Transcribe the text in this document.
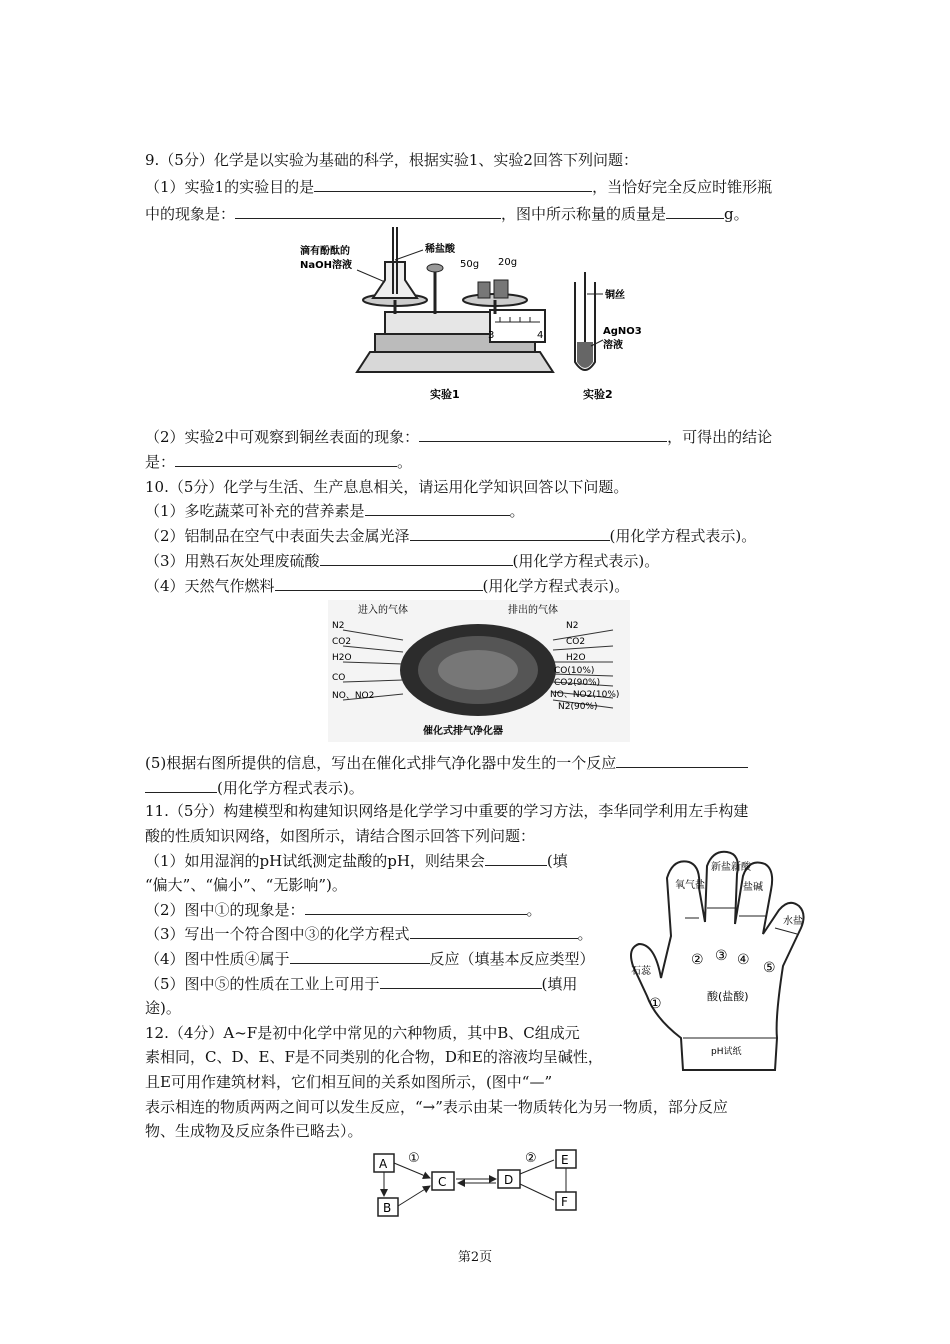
9.（5分）化学是以实验为基础的科学，根据实验1、实验2回答下列问题：
（1）实验1的实验目的是	，当恰好完全反应时锥形瓶
中的现象是：	，图中所示称量的质量是	g。
3	4
50g 20g
滴有酚酞的
NaOH溶液
稀盐酸
实验1
铜丝
AgNO3
溶液
实验2
（2）实验2中可观察到铜丝表面的现象：	，可得出的结论
是：	。
10.（5分）化学与生活、生产息息相关，请运用化学知识回答以下问题。
（1）多吃蔬菜可补充的营养素是	。
（2）铝制品在空气中表面失去金属光泽	(用化学方程式表示)。
（3）用熟石灰处理废硫酸	(用化学方程式表示)。
（4）天然气作燃料	(用化学方程式表示)。
进入的气体	排出的气体
N2
CO2
H2O
CO
NO、NO2
N2
CO2
H2O
CO(10%)
CO2(90%)
NO、NO2(10%)
N2(90%)
催化式排气净化器
(5)根据右图所提供的信息，写出在催化式排气净化器中发生的一个反应
(用化学方程式表示)。
11.（5分）构建模型和构建知识网络是化学学习中重要的学习方法，李华同学利用左手构建
酸的性质知识网络，如图所示，请结合图示回答下列问题：
（1）如用湿润的pH试纸测定盐酸的pH，则结果会	(填
“偏大”、“偏小”、“无影响”)。
（2）图中①的现象是：	。
（3）写出一个符合图中③的化学方程式	。
（4）图中性质④属于	反应（填基本反应类型）
（5）图中⑤的性质在工业上可用于	(填用
途)。
石蕊
氧气盐
新盐新酸
盐碱
水盐
①
② ③ ④ ⑤
酸(盐酸)
pH试纸
12.（4分）A~F是初中化学中常见的六种物质，其中B、C组成元
素相同，C、D、E、F是不同类别的化合物，D和E的溶液均呈碱性，
且E可用作建筑材料，它们相互间的关系如图所示，(图中“—”
表示相连的物质两两之间可以发生反应，“→”表示由某一物质转化为另一物质，部分反应
物、生成物及反应条件已略去）。
A
B
C	D
E
F
①	②
第2页
